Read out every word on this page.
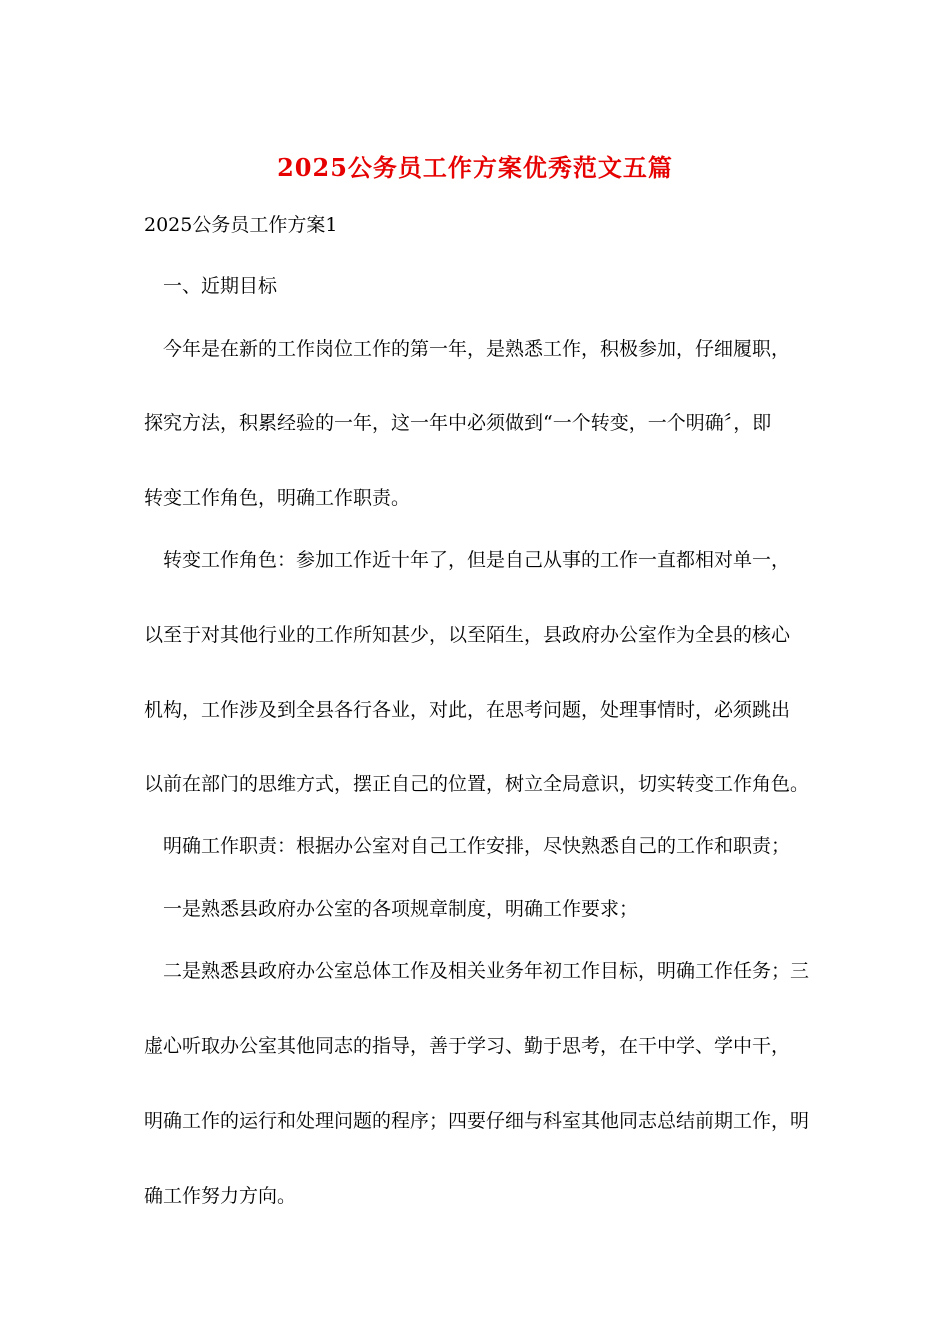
2025公务员工作方案优秀范文五篇
2025公务员工作方案1
一、近期目标
今年是在新的工作岗位工作的第一年，是熟悉工作，积极参加，仔细履职，
探究方法，积累经验的一年，这一年中必须做到“一个转变，一个明确〞，即
转变工作角色，明确工作职责。
转变工作角色：参加工作近十年了，但是自己从事的工作一直都相对单一，
以至于对其他行业的工作所知甚少，以至陌生，县政府办公室作为全县的核心
机构，工作涉及到全县各行各业，对此，在思考问题，处理事情时，必须跳出
以前在部门的思维方式，摆正自己的位置，树立全局意识，切实转变工作角色。
明确工作职责：根据办公室对自己工作安排，尽快熟悉自己的工作和职责；
一是熟悉县政府办公室的各项规章制度，明确工作要求；
二是熟悉县政府办公室总体工作及相关业务年初工作目标，明确工作任务；三
虚心听取办公室其他同志的指导，善于学习、勤于思考，在干中学、学中干，
明确工作的运行和处理问题的程序；四要仔细与科室其他同志总结前期工作，明
确工作努力方向。
